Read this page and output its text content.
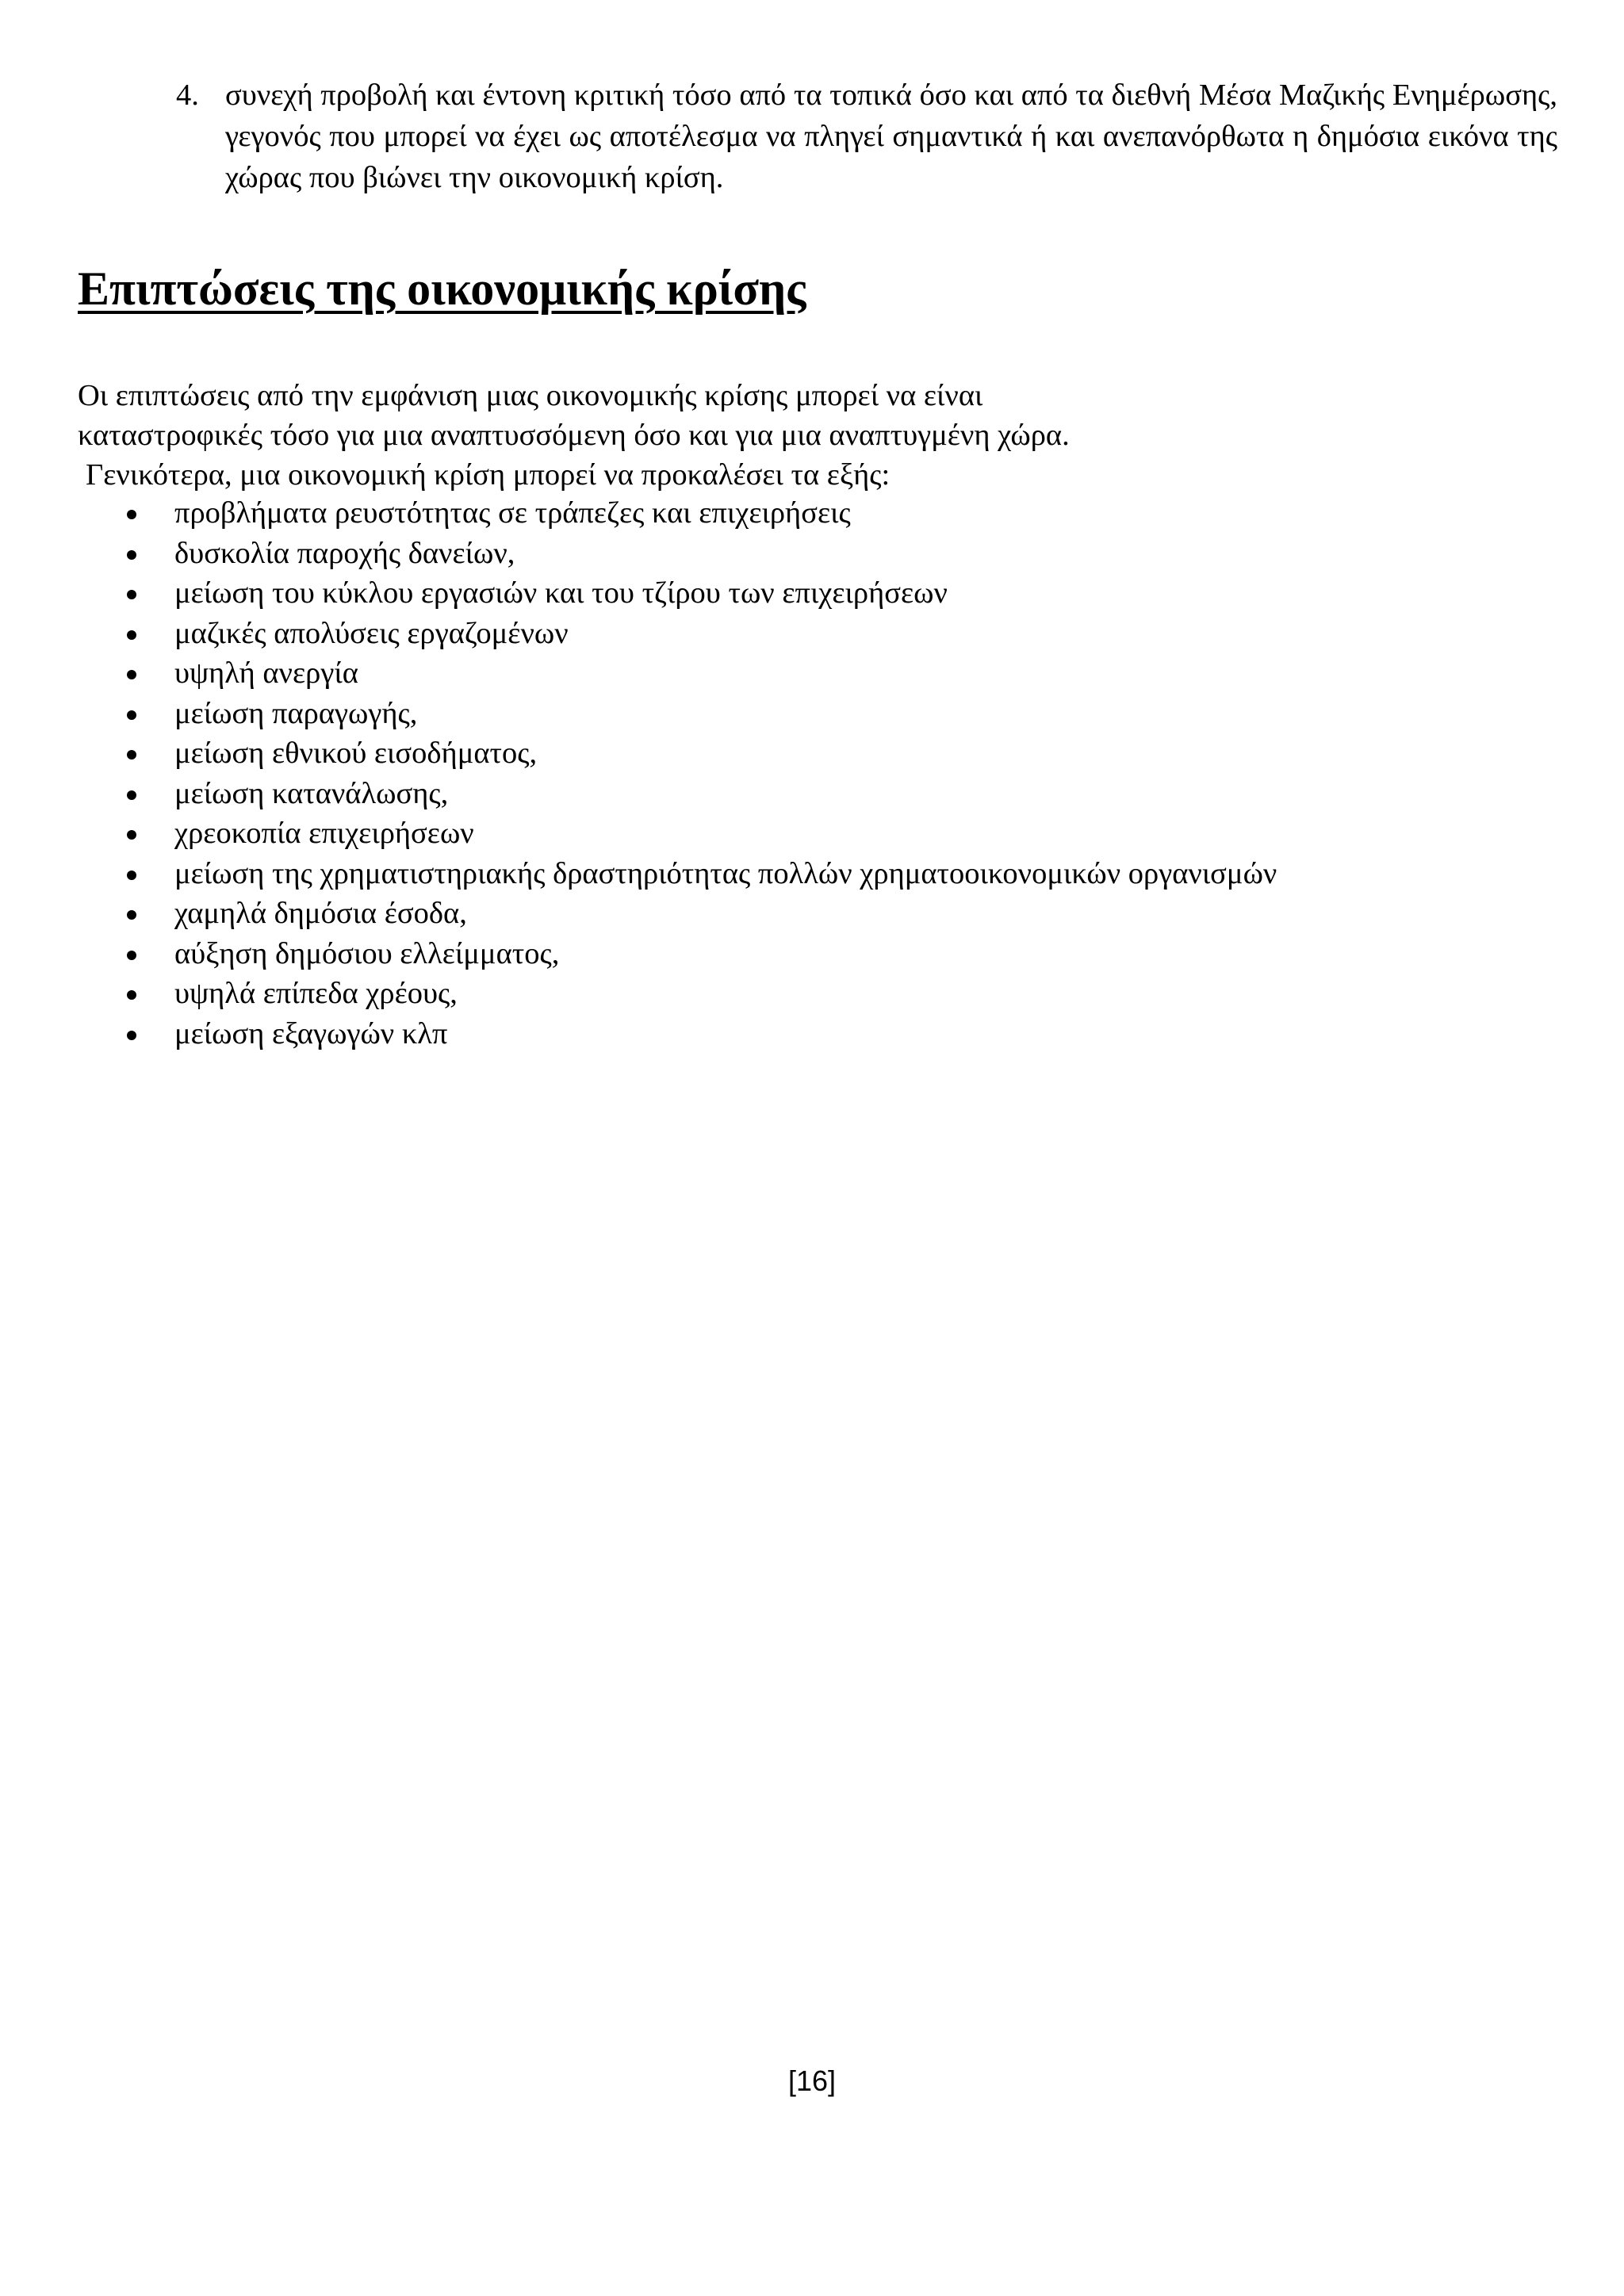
4. συνεχή προβολή και έντονη κριτική τόσο από τα τοπικά όσο και από τα διεθνή Μέσα Μαζικής Ενημέρωσης, γεγονός που μπορεί να έχει ως αποτέλεσμα να πληγεί σημαντικά ή και ανεπανόρθωτα η δημόσια εικόνα της χώρας που βιώνει την οικονομική κρίση.
Επιπτώσεις της οικονομικής κρίσης

Οι επιπτώσεις από την εμφάνιση μιας οικονομικής κρίσης μπορεί να είναι

καταστροφικές τόσο για μια αναπτυσσόμενη όσο και για μια αναπτυγμένη χώρα.

Γενικότερα, μια οικονομική κρίση μπορεί να προκαλέσει τα εξής:

προβλήματα ρευστότητας σε τράπεζες και επιχειρήσεις
δυσκολία παροχής δανείων,
μείωση του κύκλου εργασιών και του τζίρου των επιχειρήσεων
μαζικές απολύσεις εργαζομένων
υψηλή ανεργία
μείωση παραγωγής,
μείωση εθνικού εισοδήματος,
μείωση κατανάλωσης,
χρεοκοπία επιχειρήσεων
μείωση της χρηματιστηριακής δραστηριότητας πολλών χρηματοοικονομικών οργανισμών
χαμηλά δημόσια έσοδα,
αύξηση δημόσιου ελλείμματος,
υψηλά επίπεδα χρέους,
μείωση εξαγωγών κλπ
[16]
